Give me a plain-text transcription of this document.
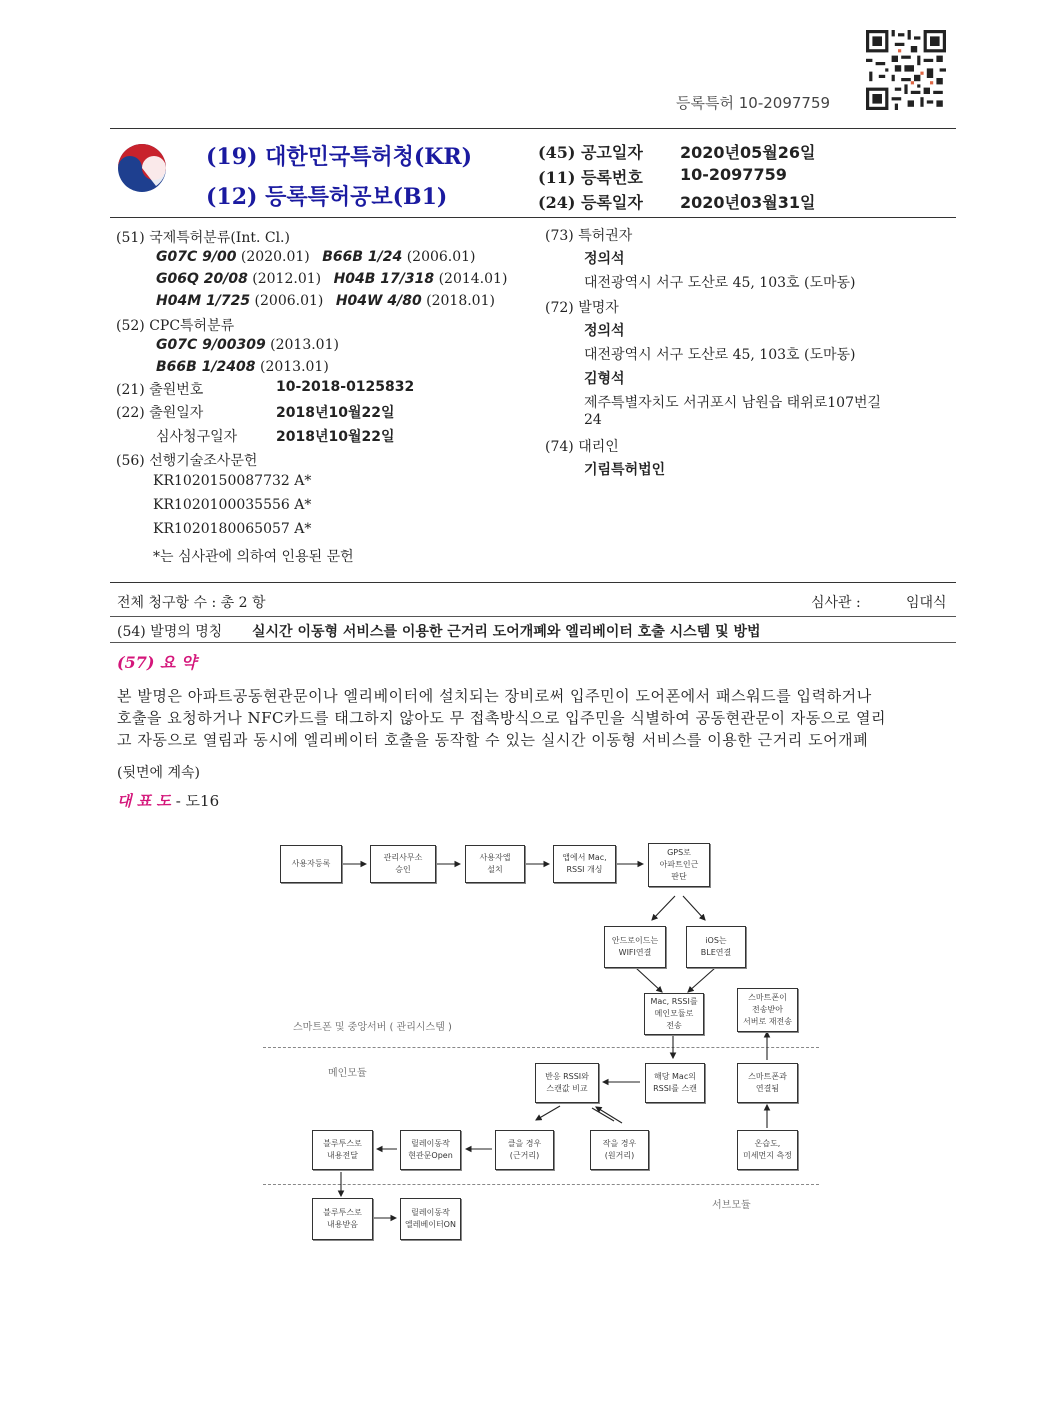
등록특허 10-2097759
(19) 대한민국특허청(KR)
(12) 등록특허공보(B1)
(45) 공고일자 2020년05월26일
(11) 등록번호 10-2097759
(24) 등록일자 2020년03월31일
(51) 국제특허분류(Int. Cl.)
G07C 9/00 (2020.01) B66B 1/24 (2006.01)
G06Q 20/08 (2012.01) H04B 17/318 (2014.01)
H04M 1/725 (2006.01) H04W 4/80 (2018.01)
(52) CPC특허분류
G07C 9/00309 (2013.01)
B66B 1/2408 (2013.01)
(21) 출원번호	10-2018-0125832
(22) 출원일자	2018년10월22일
심사청구일자	2018년10월22일
(56) 선행기술조사문헌
KR1020150087732 A*
KR1020100035556 A*
KR1020180065057 A*
*는 심사관에 의하여 인용된 문헌
(73) 특허권자
정의석
대전광역시 서구 도산로 45, 103호 (도마동)
(72) 발명자
정의석
대전광역시 서구 도산로 45, 103호 (도마동)
김형석
제주특별자치도 서귀포시 남원읍 태위로107번길
24
(74) 대리인
기림특허법인
전체 청구항 수 : 총 2 항	심사관 :	임대식
(54) 발명의 명칭 실시간 이동형 서비스를 이용한 근거리 도어개폐와 엘리베이터 호출 시스템 및 방법
(57) 요 약
본 발명은 아파트공동현관문이나 엘리베이터에 설치되는 장비로써 입주민이 도어폰에서 패스워드를 입력하거나
호출을 요청하거나 NFC카드를 태그하지 않아도 무 접촉방식으로 입주민을 식별하여 공동현관문이 자동으로 열리
고 자동으로 열림과 동시에 엘리베이터 호출을 동작할 수 있는 실시간 이동형 서비스를 이용한 근거리 도어개폐
(뒷면에 계속)
대 표 도 - 도16
스마트폰 및 중앙서버 ( 관리시스템 )
메인모듈
서브모듈
사용자등록
관리사무소
승인
사용자앱
설치
앱에서 Mac,
RSSI 개싱
GPS로
아파트인근
판단
안드로이드는
WIFI연결
iOS는
BLE연결
Mac, RSSI를
메인모듈로
전송
스마트폰이
전송받아
서버로 재전송
반응 RSSI와
스캔값 비교
해당 Mac의
RSSI를 스캔
스마트폰과
연결됨
블루투스로
내용전달
릴레이동작
현관문Open
클을 경우
(근거리)
작을 경우
(원거리)
온습도,
미세먼지 측정
블루투스로
내용받음
릴레이동작
엘레베이터ON
